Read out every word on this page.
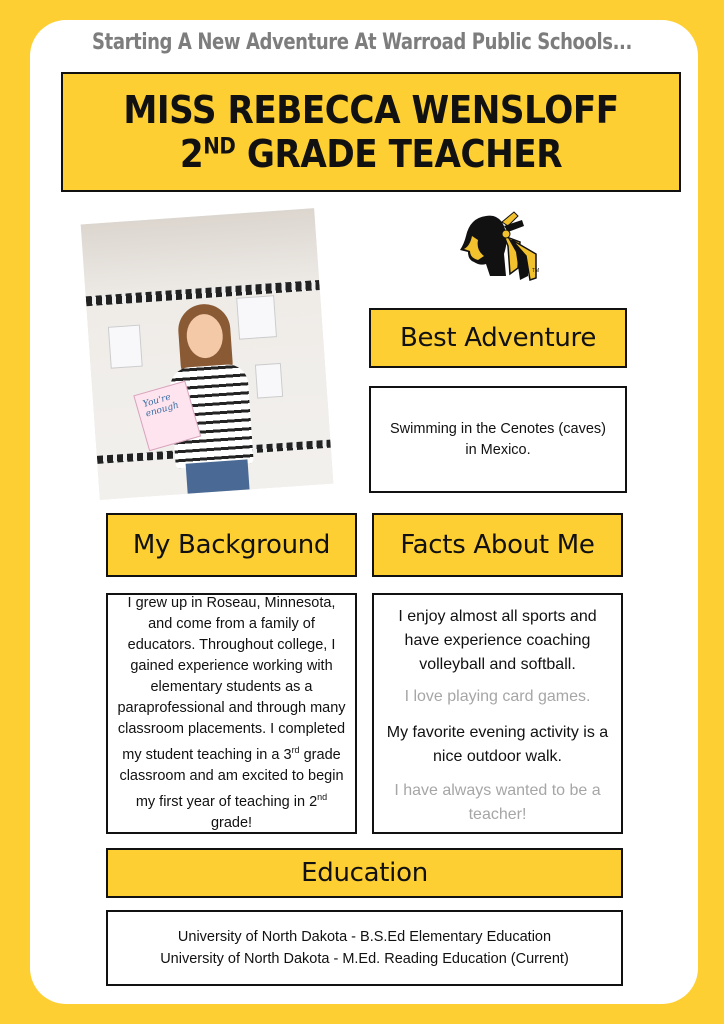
Starting A New Adventure At Warroad Public Schools...
MISS REBECCA WENSLOFF
2ND GRADE TEACHER
You're enough
TM
Best Adventure
Swimming in the Cenotes (caves)
in Mexico.
My Background
I grew up in Roseau, Minnesota, and come from a family of educators. Throughout college, I gained experience working with elementary students as a paraprofessional and through many classroom placements. I completed my student teaching in a 3rd grade classroom and am excited to begin my first year of teaching in 2nd grade!
Facts About Me

I enjoy almost all sports and have experience coaching volleyball and softball.

I love playing card games.

My favorite evening activity is a nice outdoor walk.

I have always wanted to be a teacher!

Education
University of North Dakota - B.S.Ed Elementary Education
University of North Dakota - M.Ed. Reading Education (Current)
